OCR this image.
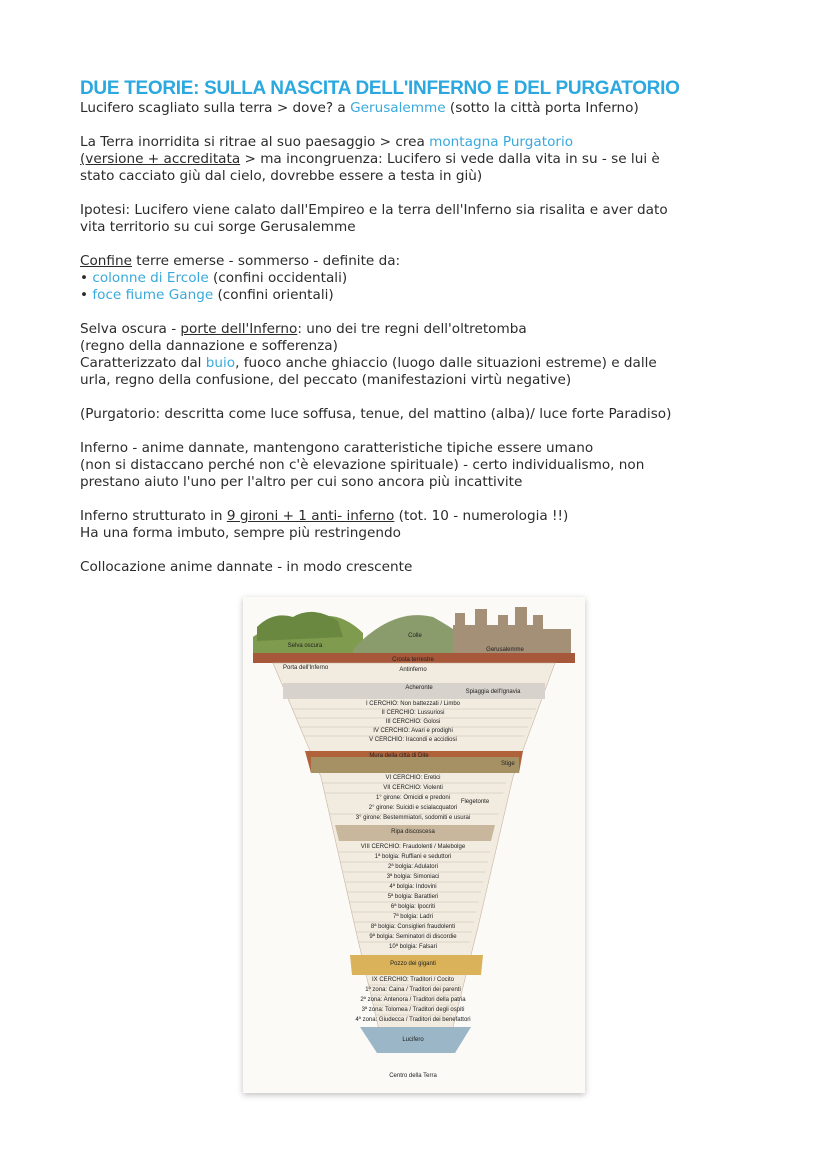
DUE TEORIE: SULLA NASCITA DELL'INFERNO E DEL PURGATORIO

Lucifero scagliato sulla terra > dove? a Gerusalemme (sotto la città porta Inferno)

La Terra inorridita si ritrae al suo paesaggio > crea montagna Purgatorio

(versione + accreditata > ma incongruenza: Lucifero si vede dalla vita in su - se lui è

stato cacciato giù dal cielo, dovrebbe essere a testa in giù)

Ipotesi: Lucifero viene calato dall'Empireo e la terra dell'Inferno sia risalita e aver dato

vita territorio su cui sorge Gerusalemme

Confine terre emerse - sommerso - definite da:

• colonne di Ercole (confini occidentali)

• foce fiume Gange (confini orientali)

Selva oscura - porte dell'Inferno: uno dei tre regni dell'oltretomba

(regno della dannazione e sofferenza)

Caratterizzato dal buio, fuoco anche ghiaccio (luogo dalle situazioni estreme) e dalle

urla, regno della confusione, del peccato (manifestazioni virtù negative)

(Purgatorio: descritta come luce soffusa, tenue, del mattino (alba)/ luce forte Paradiso)

Inferno - anime dannate, mantengono caratteristiche tipiche essere umano

(non si distaccano perché non c'è elevazione spirituale) - certo individualismo, non

prestano aiuto l'uno per l'altro per cui sono ancora più incattivite

Inferno strutturato in 9 gironi + 1 anti- inferno (tot. 10 - numerologia !!)

Ha una forma imbuto, sempre più restringendo

Collocazione anime dannate - in modo crescente

Selva oscura
Colle
Gerusalemme
Porta dell'Inferno
Crosta terrestre
Antinferno
Acheronte
Spiaggia dell'Ignavia
I CERCHIO: Non battezzati / Limbo
II CERCHIO: Lussuriosi
III CERCHIO: Golosi
IV CERCHIO: Avari e prodighi
V CERCHIO: Iracondi e accidiosi
Mura della città di Dite
Stige
VI CERCHIO: Eretici
VII CERCHIO: Violenti
1° girone: Omicidi e predoni
Flegetonte
2° girone: Suicidi e scialacquatori
3° girone: Bestemmiatori, sodomiti e usurai
Ripa discoscesa
VIII CERCHIO: Fraudolenti / Malebolge
1ª bolgia: Ruffiani e seduttori
2ª bolgia: Adulatori
3ª bolgia: Simoniaci
4ª bolgia: Indovini
5ª bolgia: Barattieri
6ª bolgia: Ipocriti
7ª bolgia: Ladri
8ª bolgia: Consiglieri fraudolenti
9ª bolgia: Seminatori di discordie
10ª bolgia: Falsari
Pozzo dei giganti
IX CERCHIO: Traditori / Cocito
1ª zona: Caina / Traditori dei parenti
2ª zona: Antenora / Traditori della patria
3ª zona: Tolomea / Traditori degli ospiti
4ª zona: Giudecca / Traditori dei benefattori
Lucifero
Centro della Terra
